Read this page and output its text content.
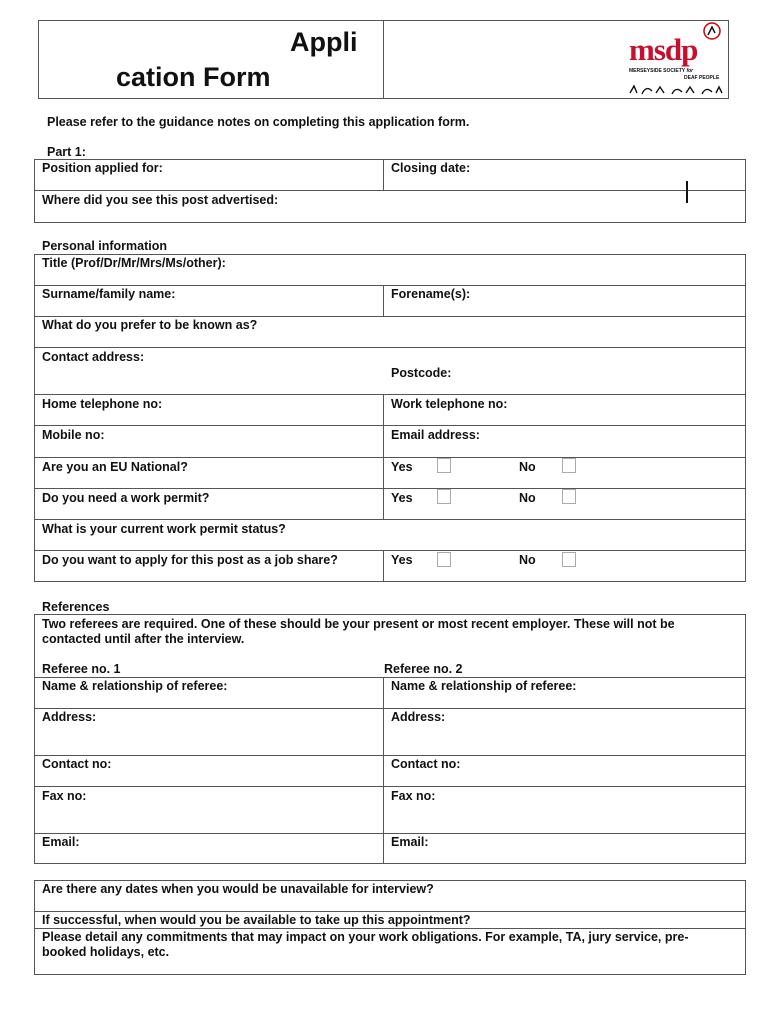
Appli
cation Form
msdp
MERSEYSIDE SOCIETY for
DEAF PEOPLE
Please refer to the guidance notes on completing this application form.
Part 1:
Position applied for:	Closing date:
Where did you see this post advertised:
Personal information
Title (Prof/Dr/Mr/Mrs/Ms/other):
Surname/family name:	Forename(s):
What do you prefer to be known as?
Contact address:
Postcode:
Home telephone no:	Work telephone no:
Mobile no:	Email address:
Are you an EU National?	Yes	No
Do you need a work permit?	Yes	No
What is your current work permit status?
Do you want to apply for this post as a job share?	Yes	No
References
Two referees are required. One of these should be your present or most recent employer. These will not be contacted until after the interview.
Referee no. 1	Referee no. 2
Name & relationship of referee:	Name & relationship of referee:
Address:	Address:
Contact no:	Contact no:
Fax no:	Fax no:
Email:	Email:
Are there any dates when you would be unavailable for interview?
If successful, when would you be available to take up this appointment?
Please detail any commitments that may impact on your work obligations. For example, TA, jury service, pre-booked holidays, etc.
